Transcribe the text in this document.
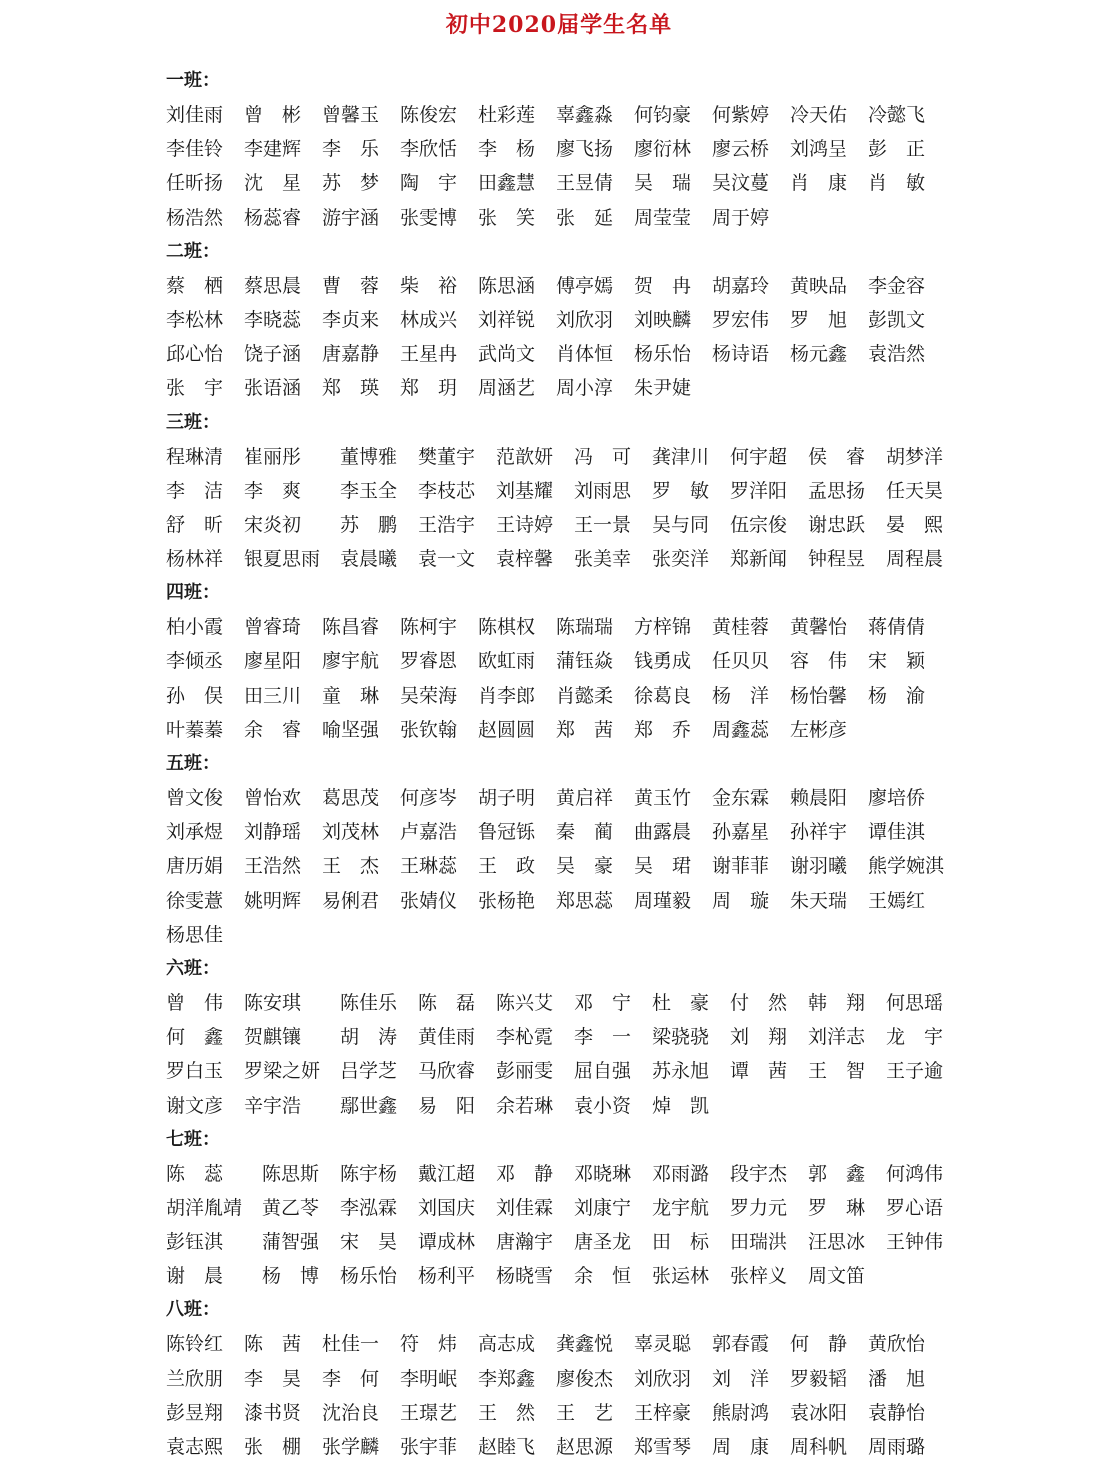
初中2020届学生名单
一班：
刘佳雨 曾　彬 曾馨玉 陈俊宏 杜彩莲 辜鑫淼 何钧豪 何紫婷 冷天佑 冷懿飞
李佳铃 李建辉 李　乐 李欣恬 李　杨 廖飞扬 廖衍林 廖云桥 刘鸿呈 彭　正
任昕扬 沈　星 苏　梦 陶　宇 田鑫慧 王昱倩 吴　瑞 吴汶蔓 肖　康 肖　敏
杨浩然 杨蕊睿 游宇涵 张雯博 张　笑 张　延 周莹莹 周于婷
二班：
蔡　栖 蔡思晨 曹　蓉 柴　裕 陈思涵 傅亭嫣 贺　冉 胡嘉玲 黄映品 李金容
李松林 李晓蕊 李贞来 林成兴 刘祥锐 刘欣羽 刘映麟 罗宏伟 罗　旭 彭凯文
邱心怡 饶子涵 唐嘉静 王星冉 武尚文 肖体恒 杨乐怡 杨诗语 杨元鑫 袁浩然
张　宇 张语涵 郑　瑛 郑　玥 周涵艺 周小淳 朱尹婕
三班：
程琳清 崔丽彤 董博雅 樊董宇 范歆妍 冯　可 龚津川 何宇超 侯　睿 胡梦洋
李　洁 李　爽 李玉全 李枝芯 刘基耀 刘雨思 罗　敏 罗洋阳 孟思扬 任天昊
舒　昕 宋炎初 苏　鹏 王浩宇 王诗婷 王一景 吴与同 伍宗俊 谢忠跃 晏　熙
杨林祥 银夏思雨 袁晨曦 袁一文 袁梓馨 张美幸 张奕洋 郑新闻 钟程昱 周程晨
四班：
柏小霞 曾睿琦 陈昌睿 陈柯宇 陈棋权 陈瑞瑞 方梓锦 黄桂蓉 黄馨怡 蒋倩倩
李倾丞 廖星阳 廖宇航 罗睿恩 欧虹雨 蒲钰焱 钱勇成 任贝贝 容　伟 宋　颖
孙　俣 田三川 童　琳 吴荣海 肖李郎 肖懿柔 徐葛良 杨　洋 杨怡馨 杨　渝
叶蓁蓁 余　睿 喻坚强 张钦翰 赵圆圆 郑　茜 郑　乔 周鑫蕊 左彬彦
五班：
曾文俊 曾怡欢 葛思茂 何彦岑 胡子明 黄启祥 黄玉竹 金东霖 赖晨阳 廖培侨
刘承煜 刘静瑶 刘茂林 卢嘉浩 鲁冠铄 秦　蔺 曲露晨 孙嘉星 孙祥宇 谭佳淇
唐历娟 王浩然 王　杰 王琳蕊 王　政 吴　豪 吴　珺 谢菲菲 谢羽曦 熊学婉淇
徐雯薏 姚明辉 易俐君 张婧仪 张杨艳 郑思蕊 周瑾毅 周　璇 朱天瑞 王嫣红
杨思佳
六班：
曾　伟 陈安琪 陈佳乐 陈　磊 陈兴艾 邓　宁 杜　豪 付　然 韩　翔 何思瑶
何　鑫 贺麒镶 胡　涛 黄佳雨 李杺霓 李　一 梁骁骁 刘　翔 刘洋志 龙　宇
罗白玉 罗梁之妍 吕学芝 马欣睿 彭丽雯 屈自强 苏永旭 谭　茜 王　智 王子逾
谢文彦 辛宇浩 鄢世鑫 易　阳 余若琳 袁小资 焯　凯
七班：
陈　蕊 陈思斯 陈宇杨 戴江超 邓　静 邓晓琳 邓雨潞 段宇杰 郭　鑫 何鸿伟
胡洋胤靖 黄乙苓 李泓霖 刘国庆 刘佳霖 刘康宁 龙宇航 罗力元 罗　琳 罗心语
彭钰淇 蒲智强 宋　昊 谭成林 唐瀚宇 唐圣龙 田　标 田瑞洪 汪思冰 王钟伟
谢　晨 杨　博 杨乐怡 杨利平 杨晓雪 余　恒 张运林 张梓义 周文笛
八班：
陈铃红 陈　茜 杜佳一 符　炜 高志成 龚鑫悦 辜灵聪 郭春霞 何　静 黄欣怡
兰欣朋 李　昊 李　何 李明岷 李郑鑫 廖俊杰 刘欣羽 刘　洋 罗毅韬 潘　旭
彭昱翔 漆书贤 沈治良 王璟艺 王　然 王　艺 王梓豪 熊尉鸿 袁冰阳 袁静怡
袁志熙 张　棚 张学麟 张宇菲 赵睦飞 赵思源 郑雪琴 周　康 周科帆 周雨璐
